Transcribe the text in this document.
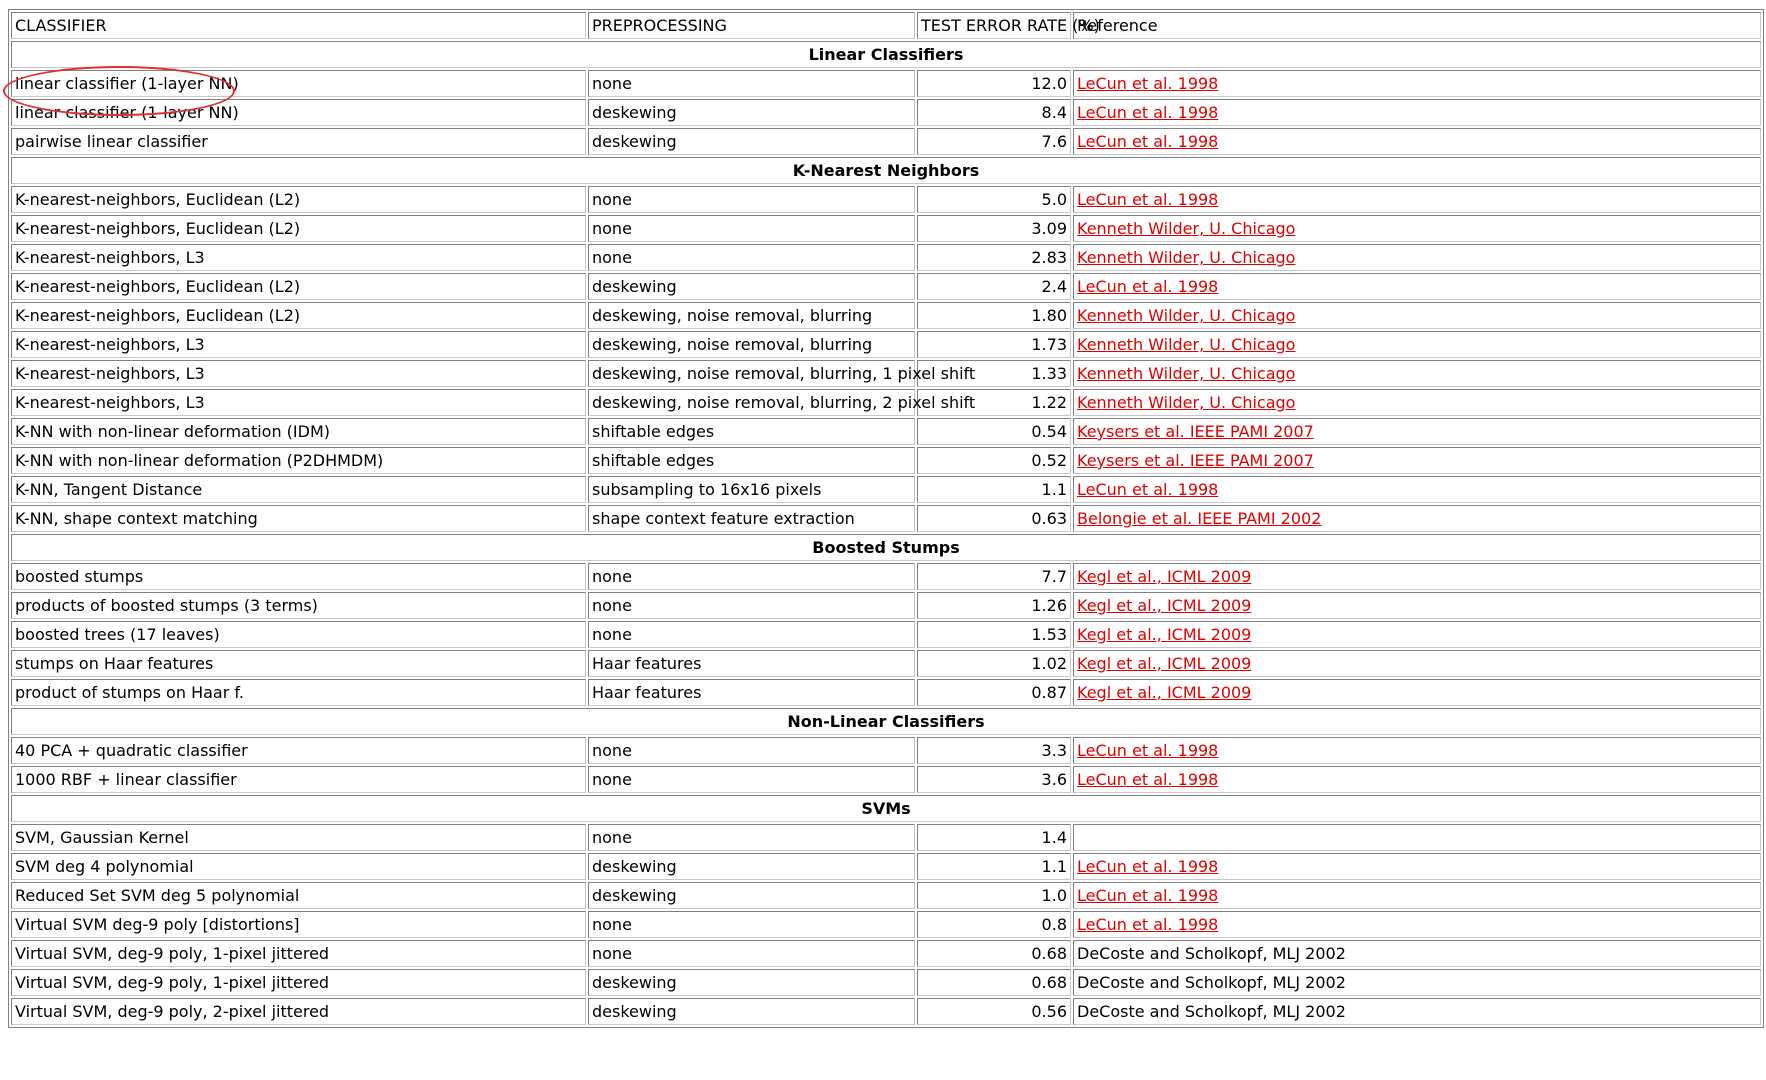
CLASSIFIER	PREPROCESSING	TEST ERROR RATE (%)	Reference
Linear Classifiers			
linear classifier (1-layer NN)	none	12.0	LeCun et al. 1998
linear classifier (1-layer NN)	deskewing	8.4	LeCun et al. 1998
pairwise linear classifier	deskewing	7.6	LeCun et al. 1998
K-Nearest Neighbors			
K-nearest-neighbors, Euclidean (L2)	none	5.0	LeCun et al. 1998
K-nearest-neighbors, Euclidean (L2)	none	3.09	Kenneth Wilder, U. Chicago
K-nearest-neighbors, L3	none	2.83	Kenneth Wilder, U. Chicago
K-nearest-neighbors, Euclidean (L2)	deskewing	2.4	LeCun et al. 1998
K-nearest-neighbors, Euclidean (L2)	deskewing, noise removal, blurring	1.80	Kenneth Wilder, U. Chicago
K-nearest-neighbors, L3	deskewing, noise removal, blurring	1.73	Kenneth Wilder, U. Chicago
K-nearest-neighbors, L3	deskewing, noise removal, blurring, 1 pixel shift	1.33	Kenneth Wilder, U. Chicago
K-nearest-neighbors, L3	deskewing, noise removal, blurring, 2 pixel shift	1.22	Kenneth Wilder, U. Chicago
K-NN with non-linear deformation (IDM)	shiftable edges	0.54	Keysers et al. IEEE PAMI 2007
K-NN with non-linear deformation (P2DHMDM)	shiftable edges	0.52	Keysers et al. IEEE PAMI 2007
K-NN, Tangent Distance	subsampling to 16x16 pixels	1.1	LeCun et al. 1998
K-NN, shape context matching	shape context feature extraction	0.63	Belongie et al. IEEE PAMI 2002
Boosted Stumps			
boosted stumps	none	7.7	Kegl et al., ICML 2009
products of boosted stumps (3 terms)	none	1.26	Kegl et al., ICML 2009
boosted trees (17 leaves)	none	1.53	Kegl et al., ICML 2009
stumps on Haar features	Haar features	1.02	Kegl et al., ICML 2009
product of stumps on Haar f.	Haar features	0.87	Kegl et al., ICML 2009
Non-Linear Classifiers			
40 PCA + quadratic classifier	none	3.3	LeCun et al. 1998
1000 RBF + linear classifier	none	3.6	LeCun et al. 1998
SVMs			
SVM, Gaussian Kernel	none	1.4	
SVM deg 4 polynomial	deskewing	1.1	LeCun et al. 1998
Reduced Set SVM deg 5 polynomial	deskewing	1.0	LeCun et al. 1998
Virtual SVM deg-9 poly [distortions]	none	0.8	LeCun et al. 1998
Virtual SVM, deg-9 poly, 1-pixel jittered	none	0.68	DeCoste and Scholkopf, MLJ 2002
Virtual SVM, deg-9 poly, 1-pixel jittered	deskewing	0.68	DeCoste and Scholkopf, MLJ 2002
Virtual SVM, deg-9 poly, 2-pixel jittered	deskewing	0.56	DeCoste and Scholkopf, MLJ 2002
